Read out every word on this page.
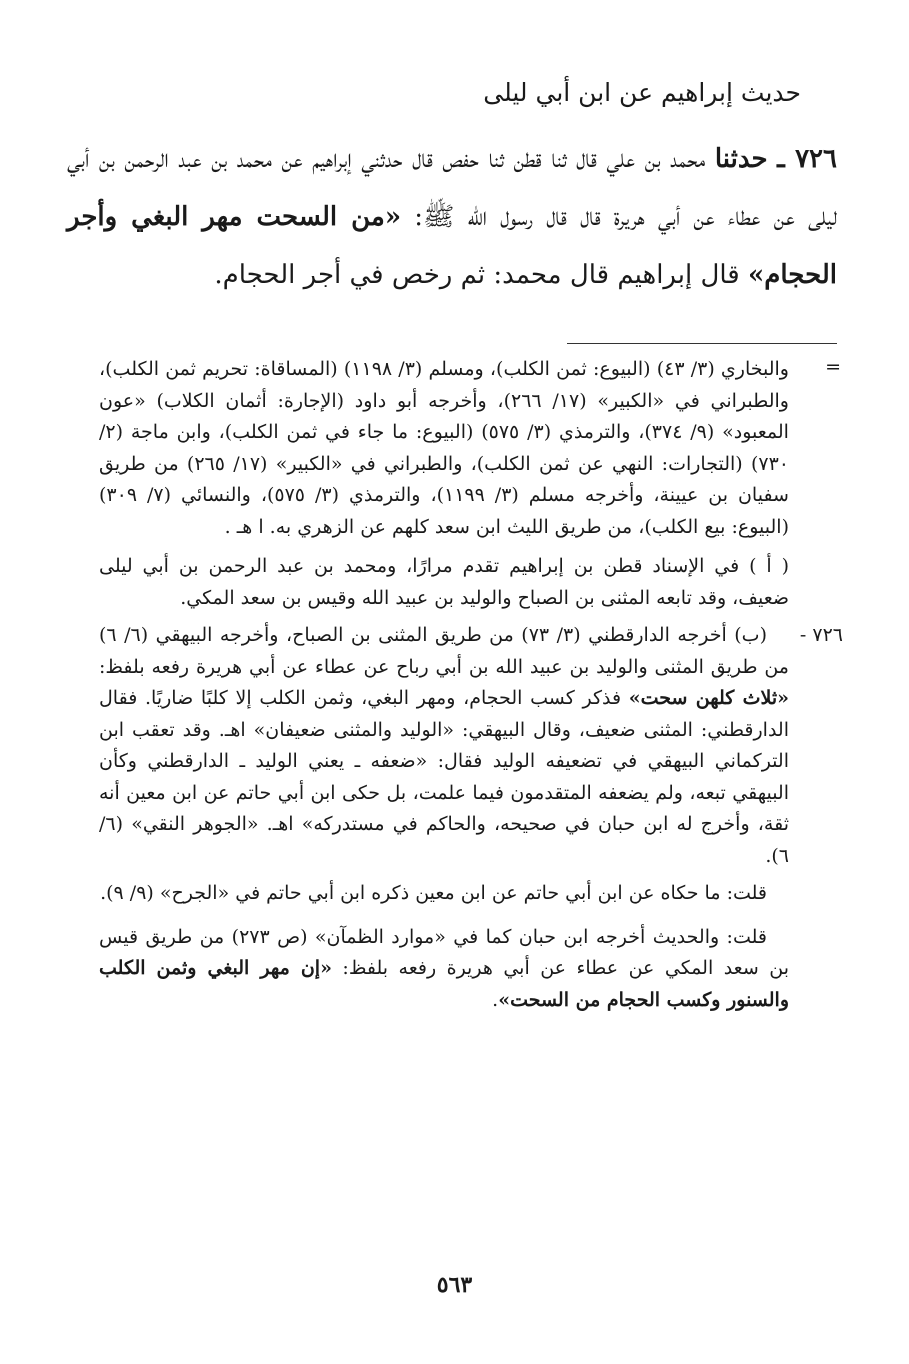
حديث إبراهيم عن ابن أبي ليلى
٧٢٦ ـ حدثنا محمد بن علي قال ثنا قطن ثنا حفص قال حدثني إبراهيم عن محمد بن عبد الرحمن بن أبي ليلى عن عطاء عن أبي هريرة قال قال رسول الله ﷺ: «من السحت مهر البغي وأجر الحجام» قال إبراهيم قال محمد: ثم رخص في أجر الحجام.
=
٧٢٦ -

والبخاري (٣/ ٤٣) (البيوع: ثمن الكلب)، ومسلم (٣/ ١١٩٨) (المساقاة: تحريم ثمن الكلب)، والطبراني في «الكبير» (١٧/ ٢٦٦)، وأخرجه أبو داود (الإجارة: أثمان الكلاب) «عون المعبود» (٩/ ٣٧٤)، والترمذي (٣/ ٥٧٥) (البيوع: ما جاء في ثمن الكلب)، وابن ماجة (٢/ ٧٣٠) (التجارات: النهي عن ثمن الكلب)، والطبراني في «الكبير» (١٧/ ٢٦٥) من طريق سفيان بن عيينة، وأخرجه مسلم (٣/ ١١٩٩)، والترمذي (٣/ ٥٧٥)، والنسائي (٧/ ٣٠٩) (البيوع: بيع الكلب)، من طريق الليث ابن سعد كلهم عن الزهري به. ا هـ .

( أ ) في الإسناد قطن بن إبراهيم تقدم مرارًا، ومحمد بن عبد الرحمن بن أبي ليلى ضعيف، وقد تابعه المثنى بن الصباح والوليد بن عبيد الله وقيس بن سعد المكي.

(ب) أخرجه الدارقطني (٣/ ٧٣) من طريق المثنى بن الصباح، وأخرجه البيهقي (٦/ ٦) من طريق المثنى والوليد بن عبيد الله بن أبي رباح عن عطاء عن أبي هريرة رفعه بلفظ: «ثلاث كلهن سحت» فذكر كسب الحجام، ومهر البغي، وثمن الكلب إلا كلبًا ضاريًا. فقال الدارقطني: المثنى ضعيف، وقال البيهقي: «الوليد والمثنى ضعيفان» اهـ. وقد تعقب ابن التركماني البيهقي في تضعيفه الوليد فقال: «ضعفه ـ يعني الوليد ـ الدارقطني وكأن البيهقي تبعه، ولم يضعفه المتقدمون فيما علمت، بل حكى ابن أبي حاتم عن ابن معين أنه ثقة، وأخرج له ابن حبان في صحيحه، والحاكم في مستدركه» اهـ. «الجوهر النقي» (٦/ ٦).

قلت: ما حكاه عن ابن أبي حاتم عن ابن معين ذكره ابن أبي حاتم في «الجرح» (٩/ ٩).

قلت: والحديث أخرجه ابن حبان كما في «موارد الظمآن» (ص ٢٧٣) من طريق قيس بن سعد المكي عن عطاء عن أبي هريرة رفعه بلفظ: «إن مهر البغي وثمن الكلب والسنور وكسب الحجام من السحت».

٥٦٣
